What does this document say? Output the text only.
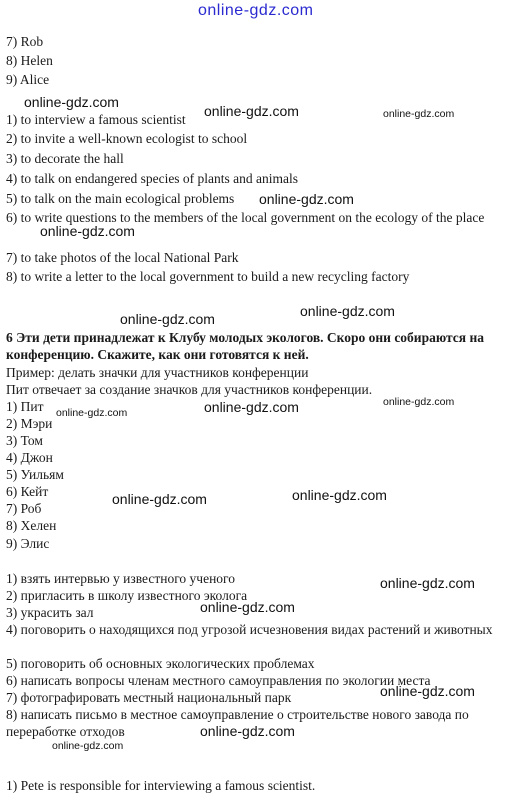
online-gdz.com
7) Rob
8) Helen
9) Alice
1) to interview a famous scientist
2) to invite a well-known ecologist to school
3) to decorate the hall
4) to talk on endangered species of plants and animals
5) to talk on the main ecological problems
6) to write questions to the members of the local government on the ecology of the place
7) to take photos of the local National Park
8) to write a letter to the local government to build a new recycling factory
6 Эти дети принадлежат к Клубу молодых экологов. Скоро они собираются на конференцию. Скажите, как они готовятся к ней.
Пример: делать значки для участников конференции
Пит отвечает за создание значков для участников конференции.
1) Пит
2) Мэри
3) Том
4) Джон
5) Уильям
6) Кейт
7) Роб
8) Хелен
9) Элис
1) взять интервью у известного ученого
2) пригласить в школу известного эколога
3) украсить зал
4) поговорить о находящихся под угрозой исчезновения видах растений и животных
5) поговорить об основных экологических проблемах
6) написать вопросы членам местного самоуправления по экологии места
7) фотографировать местный национальный парк
8) написать письмо в местное самоуправление о строительстве нового завода по переработке отходов
1) Pete is responsible for interviewing a famous scientist.
online-gdz.com
online-gdz.com	online-gdz.com
online-gdz.com
online-gdz.com
online-gdz.com
online-gdz.com
online-gdz.com
online-gdz.com
online-gdz.com
online-gdz.com
online-gdz.com
online-gdz.com
online-gdz.com
online-gdz.com
online-gdz.com
online-gdz.com
